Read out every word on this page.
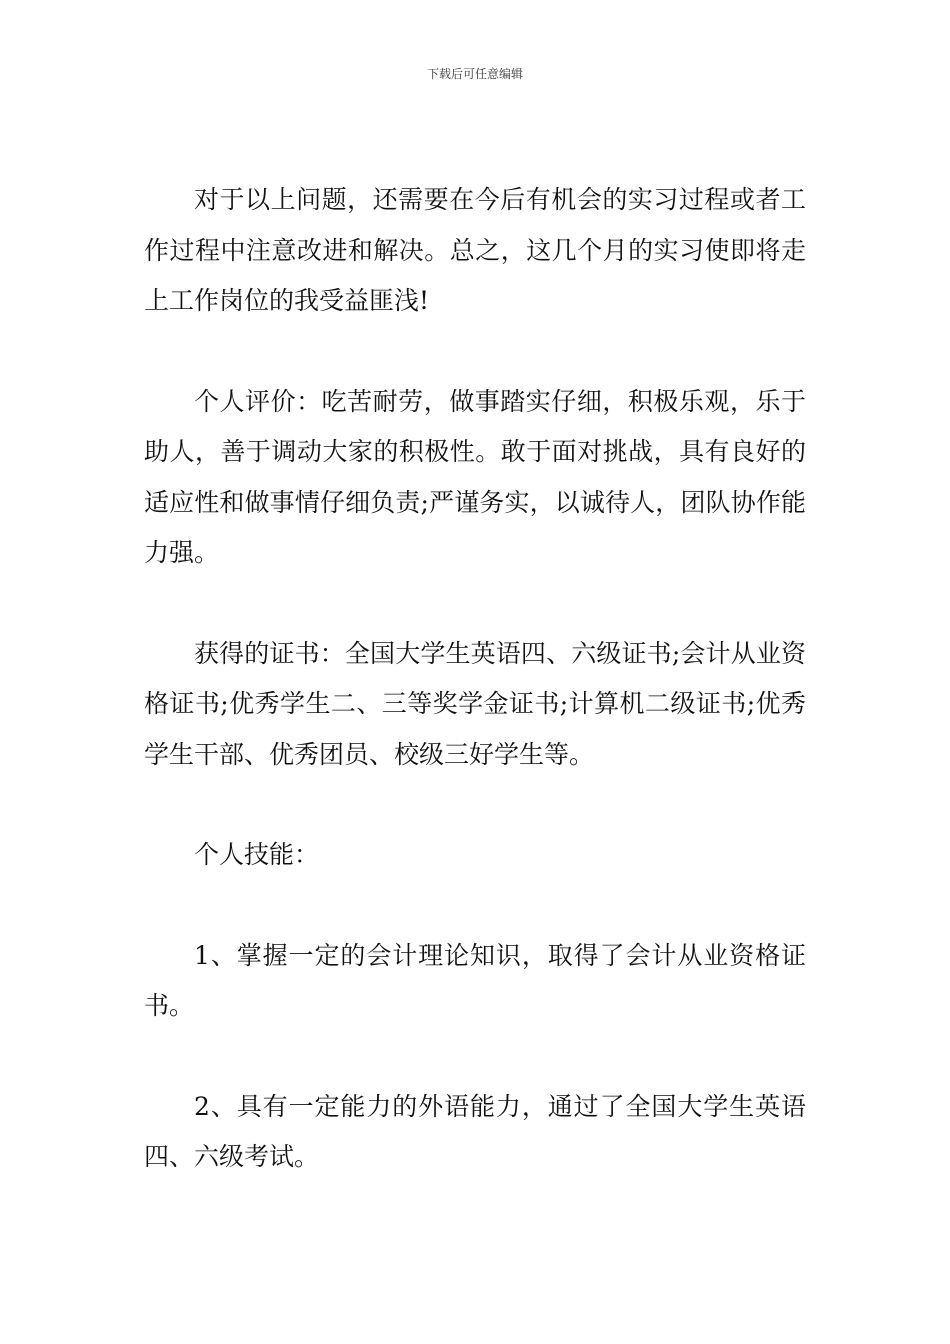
下载后可任意编辑

对于以上问题，还需要在今后有机会的实习过程或者工作过程中注意改进和解决。总之，这几个月的实习使即将走上工作岗位的我受益匪浅!

个人评价：吃苦耐劳，做事踏实仔细，积极乐观，乐于助人，善于调动大家的积极性。敢于面对挑战，具有良好的适应性和做事情仔细负责;严谨务实，以诚待人，团队协作能力强。

获得的证书：全国大学生英语四、六级证书;会计从业资格证书;优秀学生二、三等奖学金证书;计算机二级证书;优秀学生干部、优秀团员、校级三好学生等。

个人技能：

1、掌握一定的会计理论知识，取得了会计从业资格证书。

2、具有一定能力的外语能力，通过了全国大学生英语四、六级考试。
